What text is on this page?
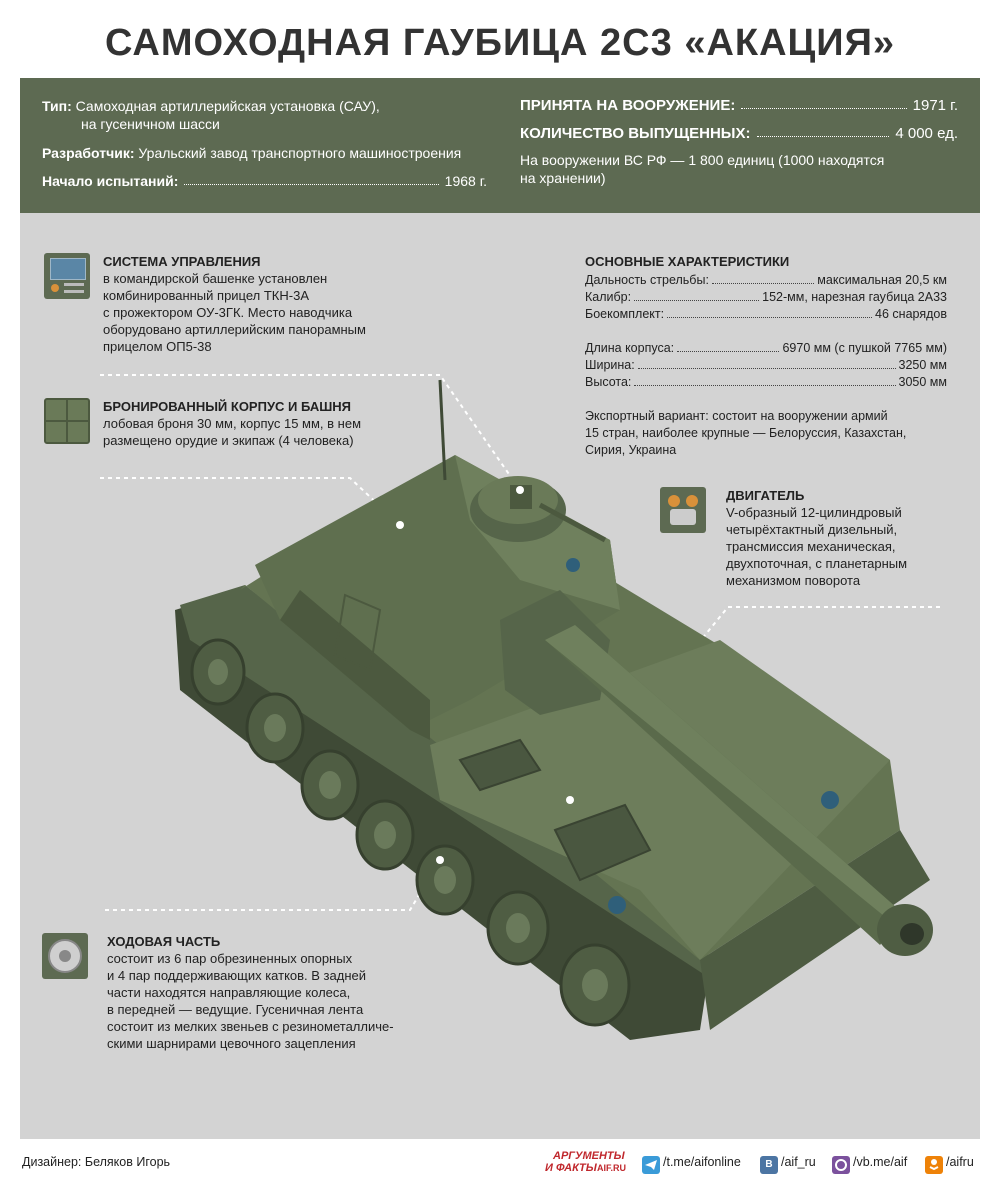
САМОХОДНАЯ ГАУБИЦА 2С3 «АКАЦИЯ»
Тип: Самоходная артиллерийская установка (САУ),
на гусеничном шасси
Разработчик: Уральский завод транспортного машиностроения
Начало испытаний:	1968 г.
ПРИНЯТА НА ВООРУЖЕНИЕ:	1971 г.
КОЛИЧЕСТВО ВЫПУЩЕННЫХ:	4 000 ед.
На вооружении ВС РФ — 1 800 единиц (1000 находятся
на хранении)
СИСТЕМА УПРАВЛЕНИЯ
в командирской башенке установлен
комбинированный прицел ТКН-3А
с прожектором ОУ-3ГК. Место наводчика
оборудовано артиллерийским панорамным
прицелом ОП5-38
БРОНИРОВАННЫЙ КОРПУС И БАШНЯ
лобовая броня 30 мм, корпус 15 мм, в нем
размещено орудие и экипаж (4 человека)
ОСНОВНЫЕ ХАРАКТЕРИСТИКИ
Дальность стрельбы:	максимальная 20,5 км
Калибр:	152-мм, нарезная гаубица 2А33
Боекомплект:	46 снарядов
Длина корпуса:	6970 мм (с пушкой 7765 мм)
Ширина:	3250 мм
Высота:	3050 мм
Экспортный вариант: состоит на вооружении армий
15 стран, наиболее крупные — Белоруссия, Казахстан,
Сирия, Украина
ДВИГАТЕЛЬ
V-образный 12-цилиндровый
четырёхтактный дизельный,
трансмиссия механическая,
двухпоточная, с планетарным
механизмом поворота
ХОДОВАЯ ЧАСТЬ
состоит из 6 пар обрезиненных опорных
и 4 пар поддерживающих катков. В задней
части находятся направляющие колеса,
в передней — ведущие. Гусеничная лента
состоит из мелких звеньев с резинометалличе-
скими шарнирами цевочного зацепления
Дизайнер: Беляков Игорь	АРГУМЕНТЫ
И ФАКТЫ AIF.RU	/t.me/aifonline	В /aif_ru	/vb.me/aif	/aifru
